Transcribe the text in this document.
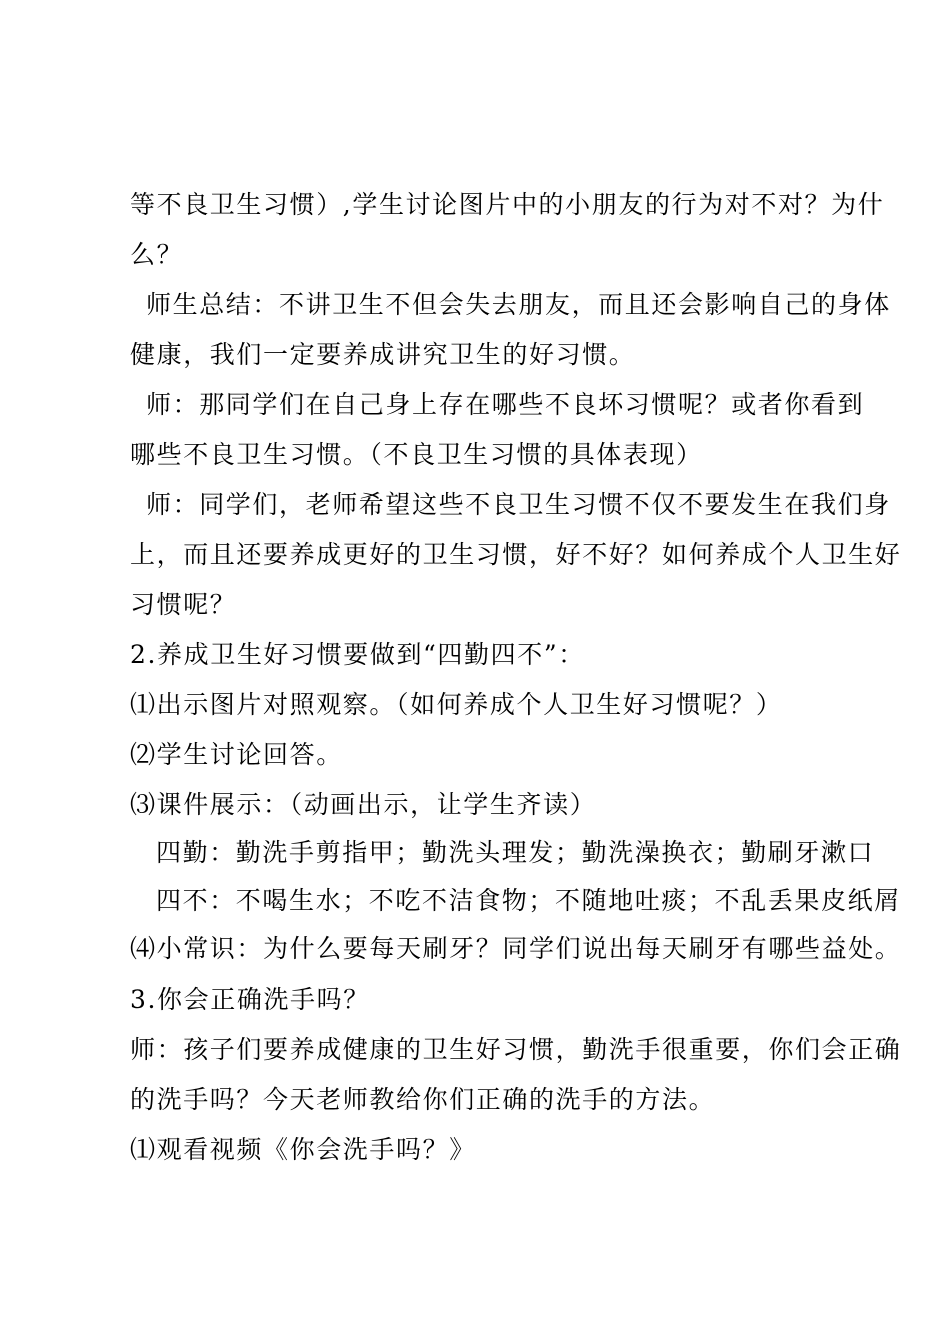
等不良卫生习惯）,学生讨论图片中的小朋友的行为对不对？为什
么？
师生总结：不讲卫生不但会失去朋友，而且还会影响自己的身体
健康，我们一定要养成讲究卫生的好习惯。
师：那同学们在自己身上存在哪些不良坏习惯呢？或者你看到
哪些不良卫生习惯。（不良卫生习惯的具体表现）
师：同学们，老师希望这些不良卫生习惯不仅不要发生在我们身
上，而且还要养成更好的卫生习惯，好不好？如何养成个人卫生好
习惯呢？
2.养成卫生好习惯要做到“四勤四不”：
⑴出示图片对照观察。（如何养成个人卫生好习惯呢？）
⑵学生讨论回答。
⑶课件展示：（动画出示，让学生齐读）
四勤：勤洗手剪指甲；勤洗头理发；勤洗澡换衣；勤刷牙漱口
四不：不喝生水；不吃不洁食物；不随地吐痰；不乱丢果皮纸屑
⑷小常识：为什么要每天刷牙？同学们说出每天刷牙有哪些益处。
3.你会正确洗手吗？
师：孩子们要养成健康的卫生好习惯，勤洗手很重要，你们会正确
的洗手吗？今天老师教给你们正确的洗手的方法。
⑴观看视频《你会洗手吗？》
